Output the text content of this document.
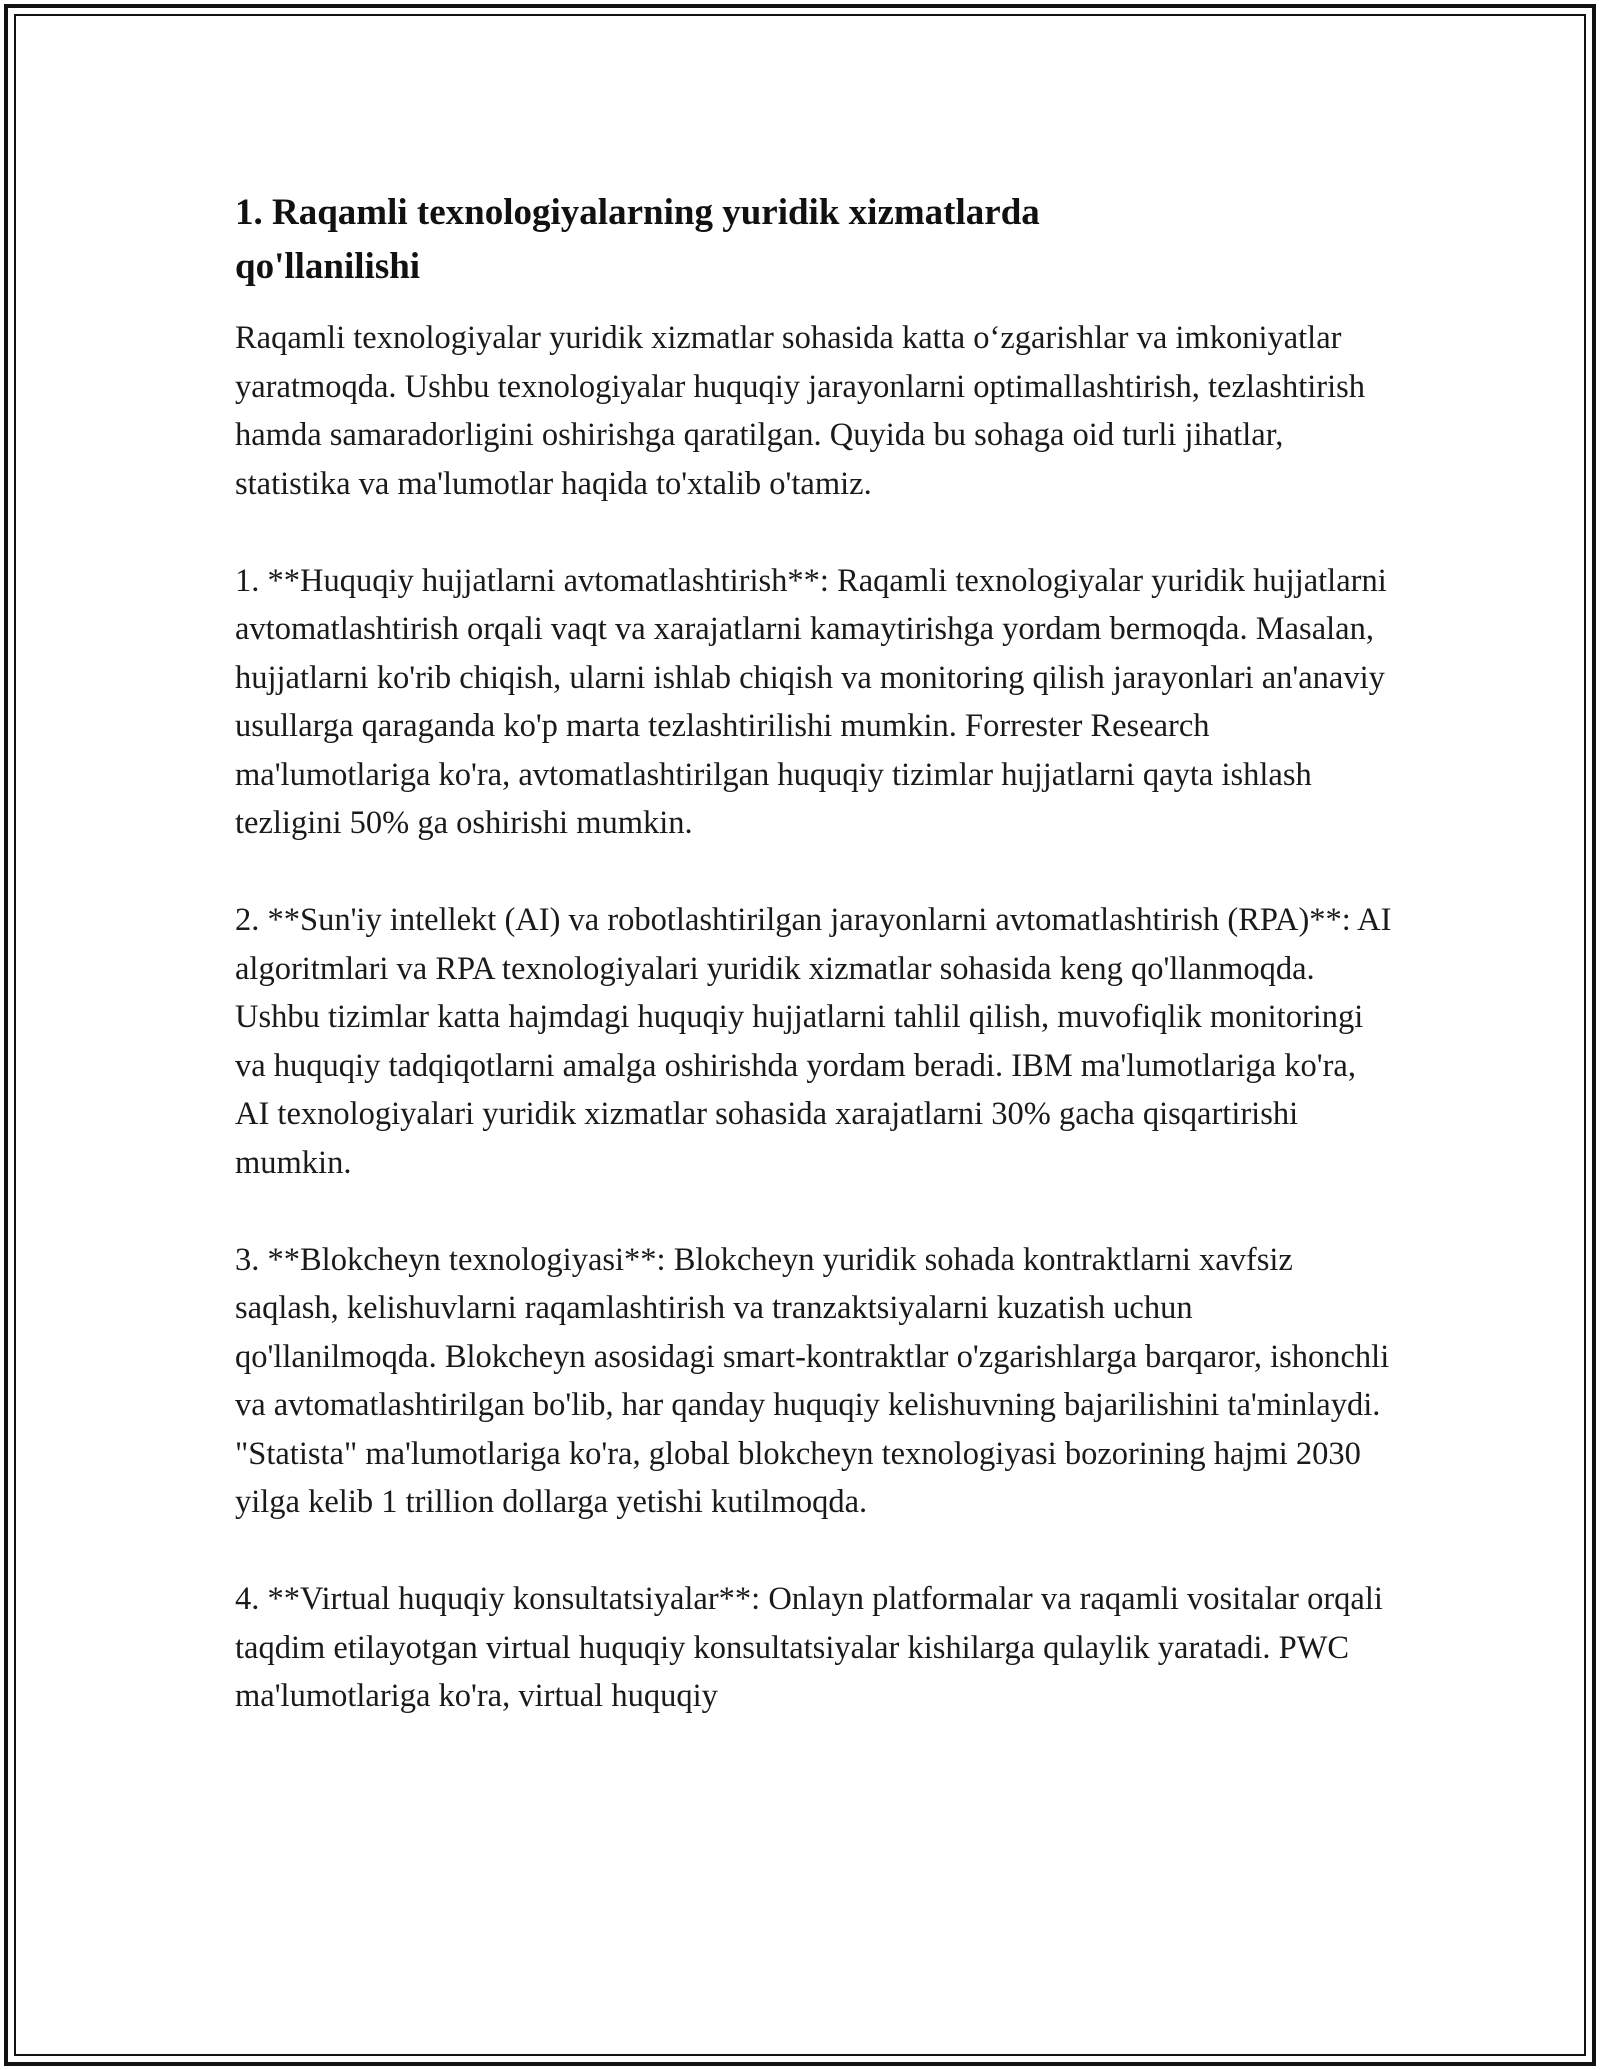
1. Raqamli texnologiyalarning yuridik xizmatlarda qo'llanilishi

Raqamli texnologiyalar yuridik xizmatlar sohasida katta o‘zgarishlar va imkoniyatlar yaratmoqda. Ushbu texnologiyalar huquqiy jarayonlarni optimallashtirish, tezlashtirish hamda samaradorligini oshirishga qaratilgan. Quyida bu sohaga oid turli jihatlar, statistika va ma'lumotlar haqida to'xtalib o'tamiz.

1. **Huquqiy hujjatlarni avtomatlashtirish**: Raqamli texnologiyalar yuridik hujjatlarni avtomatlashtirish orqali vaqt va xarajatlarni kamaytirishga yordam bermoqda. Masalan, hujjatlarni ko'rib chiqish, ularni ishlab chiqish va monitoring qilish jarayonlari an'anaviy usullarga qaraganda ko'p marta tezlashtirilishi mumkin. Forrester Research ma'lumotlariga ko'ra, avtomatlashtirilgan huquqiy tizimlar hujjatlarni qayta ishlash tezligini 50% ga oshirishi mumkin.

2. **Sun'iy intellekt (AI) va robotlashtirilgan jarayonlarni avtomatlashtirish (RPA)**: AI algoritmlari va RPA texnologiyalari yuridik xizmatlar sohasida keng qo'llanmoqda. Ushbu tizimlar katta hajmdagi huquqiy hujjatlarni tahlil qilish, muvofiqlik monitoringi va huquqiy tadqiqotlarni amalga oshirishda yordam beradi. IBM ma'lumotlariga ko'ra, AI texnologiyalari yuridik xizmatlar sohasida xarajatlarni 30% gacha qisqartirishi mumkin.

3. **Blokcheyn texnologiyasi**: Blokcheyn yuridik sohada kontraktlarni xavfsiz saqlash, kelishuvlarni raqamlashtirish va tranzaktsiyalarni kuzatish uchun qo'llanilmoqda. Blokcheyn asosidagi smart-kontraktlar o'zgarishlarga barqaror, ishonchli va avtomatlashtirilgan bo'lib, har qanday huquqiy kelishuvning bajarilishini ta'minlaydi. "Statista" ma'lumotlariga ko'ra, global blokcheyn texnologiyasi bozorining hajmi 2030 yilga kelib 1 trillion dollarga yetishi kutilmoqda.

4. **Virtual huquqiy konsultatsiyalar**: Onlayn platformalar va raqamli vositalar orqali taqdim etilayotgan virtual huquqiy konsultatsiyalar kishilarga qulaylik yaratadi. PWC ma'lumotlariga ko'ra, virtual huquqiy
